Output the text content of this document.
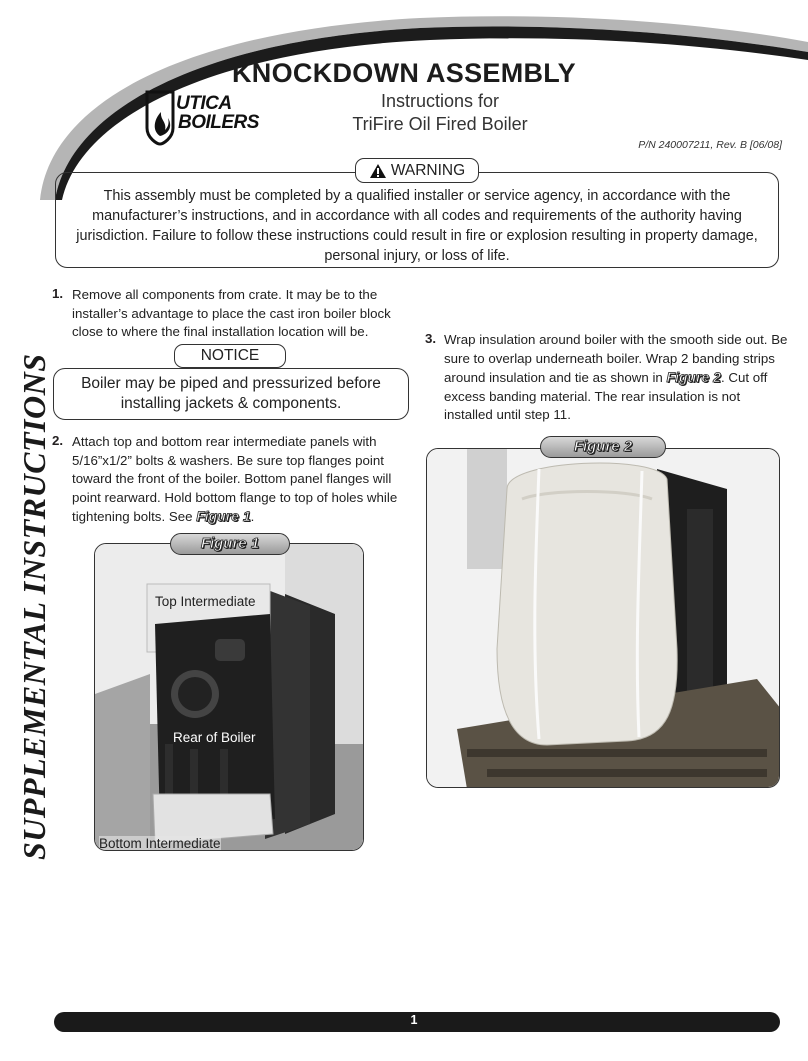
UTICA
BOILERS
KNOCKDOWN ASSEMBLY
Instructions for
TriFire Oil Fired Boiler
P/N 240007211, Rev. B [06/08]
WARNING
This assembly must be completed by a qualified installer or service agency, in accordance with the manufacturer’s instructions, and in accordance with all codes and requirements of the authority having jurisdiction. Failure to follow these instructions could result in fire or explosion resulting in property damage, personal injury, or loss of life.
SUPPLEMENTAL INSTRUCTIONS
1. Remove all components from crate. It may be to the installer’s advantage to place the cast iron boiler block close to where the final installation location will be.
NOTICE
Boiler may be piped and pressurized before installing jackets & components.
2. Attach top and bottom rear intermediate panels with 5/16”x1/2” bolts & washers. Be sure top flanges point toward the front of the boiler. Bottom panel flanges will point rearward. Hold bottom flange to top of holes while tightening bolts. See Figure 1.
3. Wrap insulation around boiler with the smooth side out. Be sure to overlap underneath boiler. Wrap 2 banding strips around insulation and tie as shown in Figure 2. Cut off excess banding material. The rear insulation is not installed until step 11.
Top Intermediate
Rear of Boiler
Bottom Intermediate
Figure 1
Figure 2
1
